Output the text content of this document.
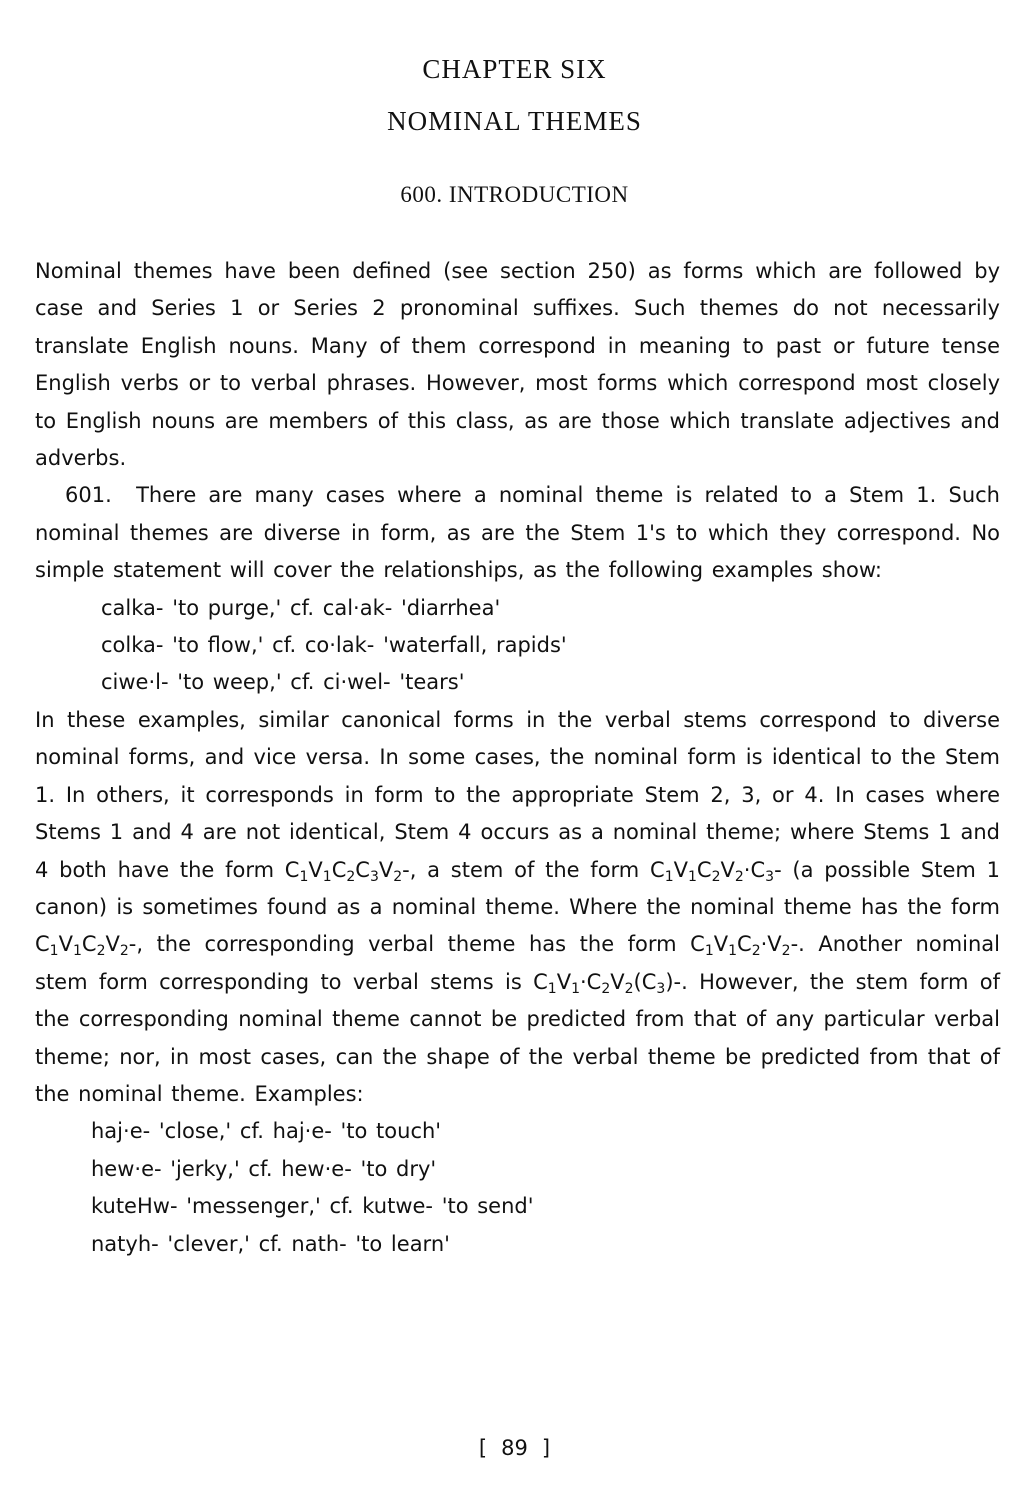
CHAPTER SIX
NOMINAL THEMES
600. INTRODUCTION

Nominal themes have been defined (see section 250) as forms which are followed by case and Series 1 or Series 2 pronominal suffixes. Such themes do not necessarily translate English nouns. Many of them correspond in meaning to past or future tense English verbs or to verbal phrases. However, most forms which correspond most closely to English nouns are members of this class, as are those which translate adjectives and adverbs.

601. There are many cases where a nominal theme is related to a Stem 1. Such nominal themes are diverse in form, as are the Stem 1's to which they correspond. No simple statement will cover the relationships, as the following examples show:

calka- 'to purge,' cf. cal·ak- 'diarrhea'

colka- 'to flow,' cf. co·lak- 'waterfall, rapids'

ciwe·l- 'to weep,' cf. ci·wel- 'tears'

In these examples, similar canonical forms in the verbal stems correspond to diverse nominal forms, and vice versa. In some cases, the nominal form is identical to the Stem 1. In others, it corresponds in form to the appropriate Stem 2, 3, or 4. In cases where Stems 1 and 4 are not identical, Stem 4 occurs as a nominal theme; where Stems 1 and 4 both have the form $C_1V_1C_2C_3V_2-$, a stem of the form $C_1V_1C_2V_2\cdot C_3-$ (a possible Stem 1 canon) is sometimes found as a nominal theme. Where the nominal theme has the form $C_1V_1C_2V_2-$, the corresponding verbal theme has the form $C_1V_1C_2\cdot V_2-$. Another nominal stem form corresponding to verbal stems is $C_1V_1\cdot C_2V_2(C_3)-$. However, the stem form of the corresponding nominal theme cannot be predicted from that of any particular verbal theme; nor, in most cases, can the shape of the verbal theme be predicted from that of the nominal theme. Examples:

haj·e- 'close,' cf. haj·e- 'to touch'

hew·e- 'jerky,' cf. hew·e- 'to dry'

kuteHw- 'messenger,' cf. kutwe- 'to send'

natyh- 'clever,' cf. nath- 'to learn'

[ 89 ]
